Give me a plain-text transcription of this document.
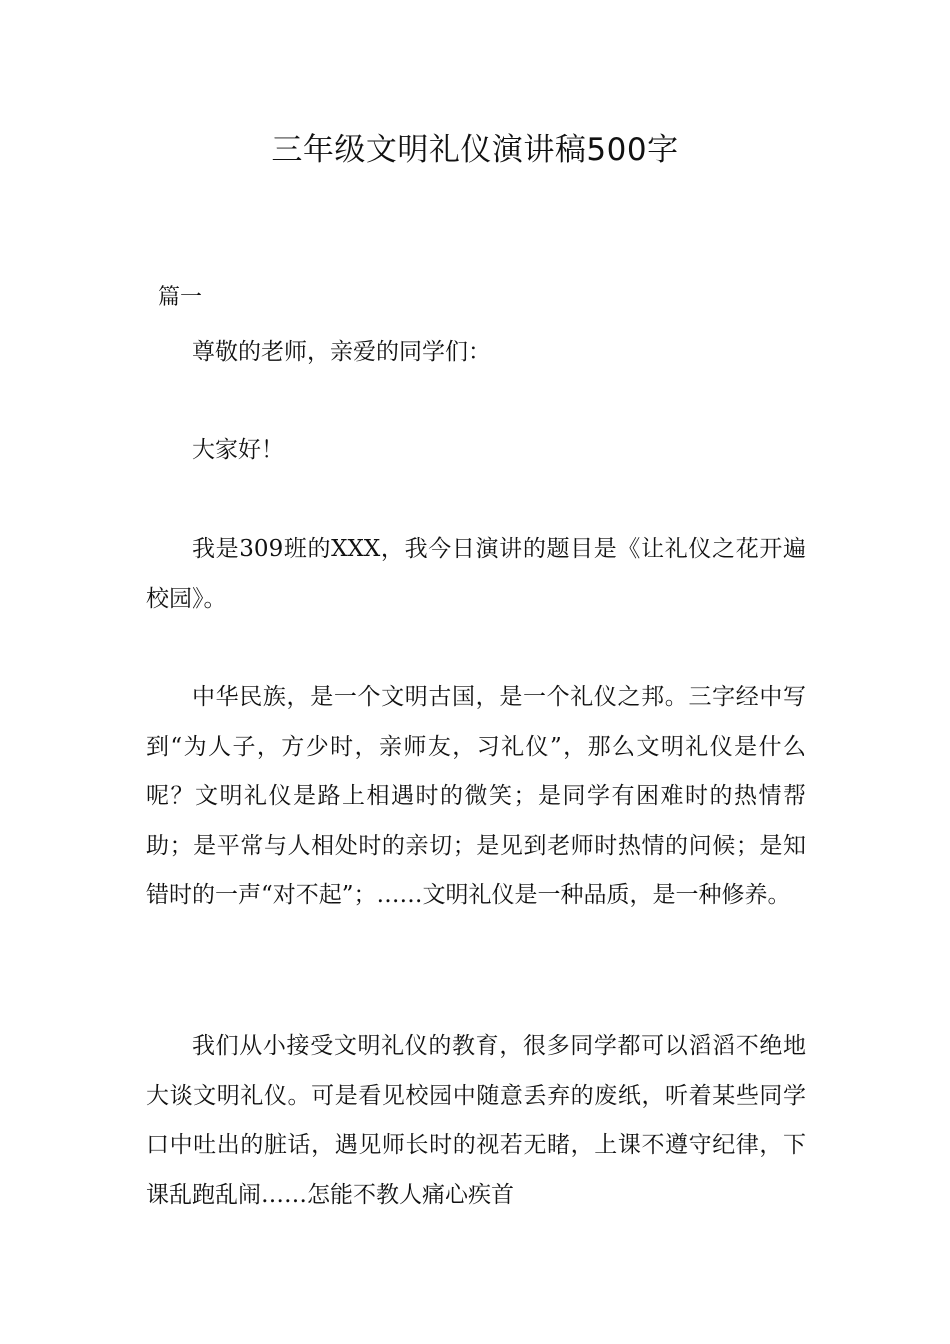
三年级文明礼仪演讲稿500字

篇一

尊敬的老师，亲爱的同学们：

大家好！

我是309班的XXX，我今日演讲的题目是《让礼仪之花开遍校园》。

中华民族，是一个文明古国，是一个礼仪之邦。三字经中写到“为人子，方少时，亲师友，习礼仪”，那么文明礼仪是什么呢？文明礼仪是路上相遇时的微笑；是同学有困难时的热情帮助；是平常与人相处时的亲切；是见到老师时热情的问候；是知错时的一声“对不起”；……文明礼仪是一种品质，是一种修养。

我们从小接受文明礼仪的教育，很多同学都可以滔滔不绝地大谈文明礼仪。可是看见校园中随意丢弃的废纸，听着某些同学口中吐出的脏话，遇见师长时的视若无睹，上课不遵守纪律，下课乱跑乱闹……怎能不教人痛心疾首
